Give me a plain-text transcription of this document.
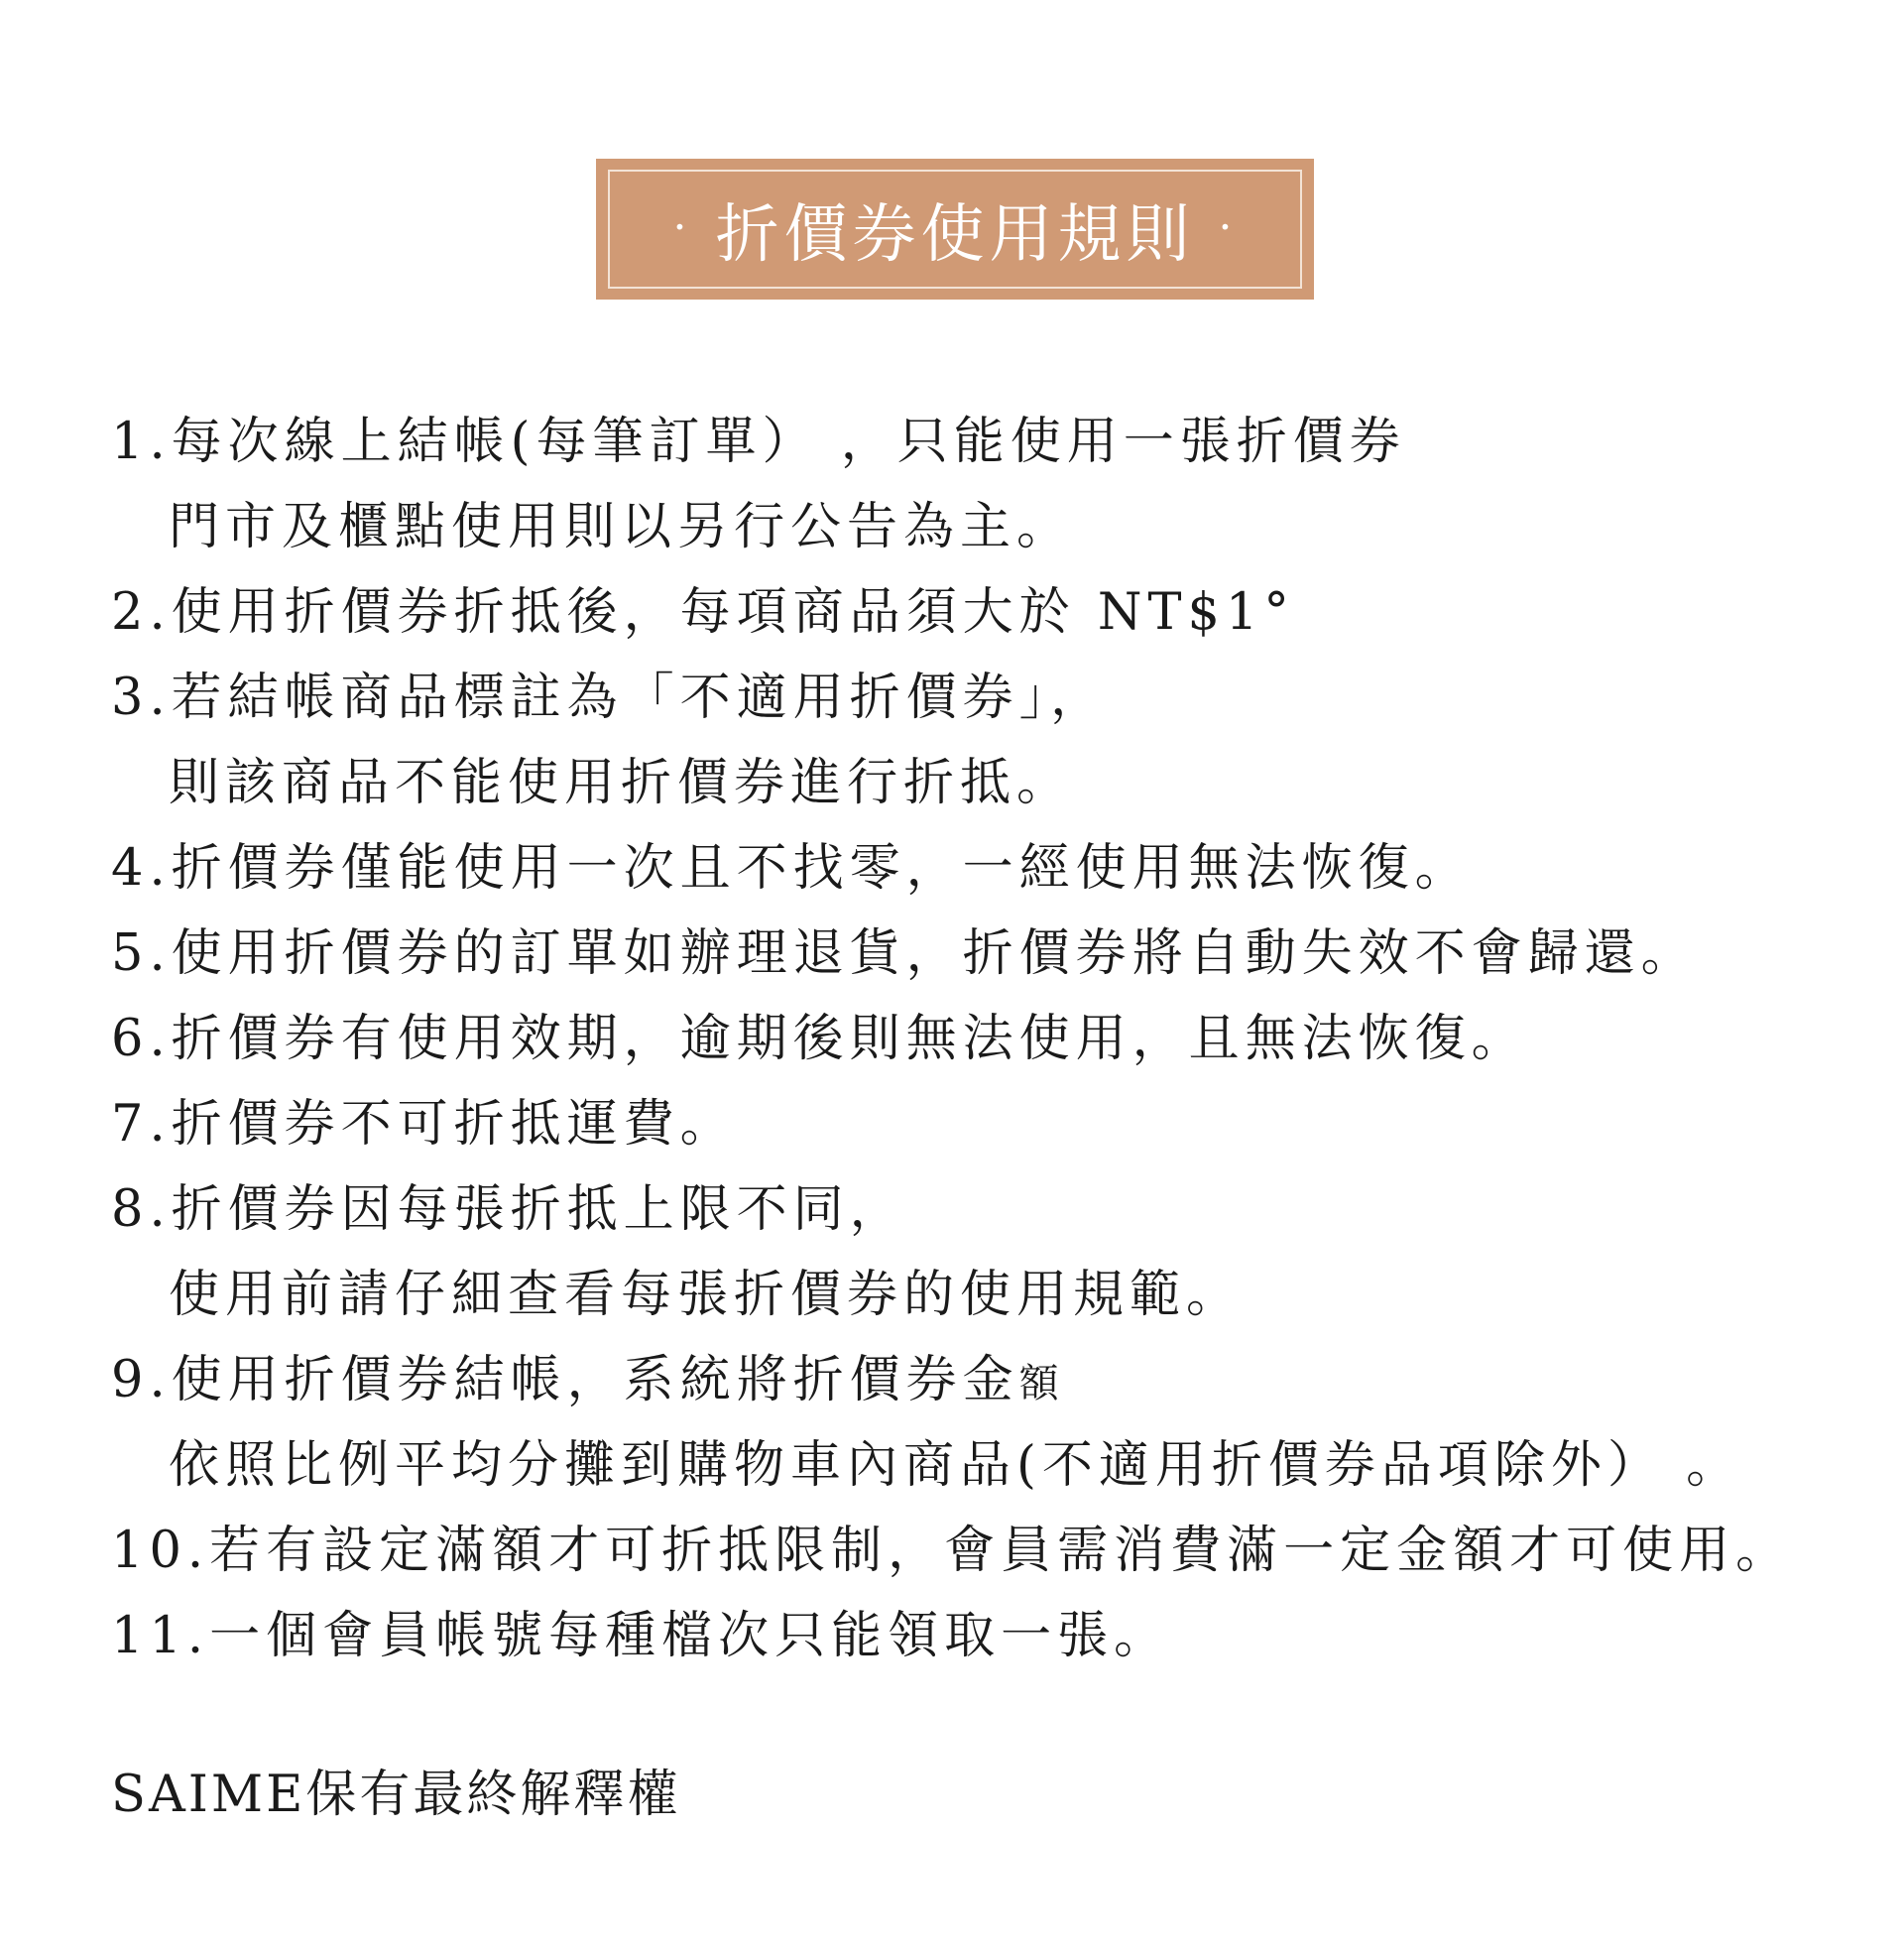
· 折價券使用規則 ·
1.每次線上結帳(每筆訂單） ，只能使用一張折價券
門市及櫃點使用則以另行公告為主。
2.使用折價券折抵後，每項商品須大於 NT$1°
3.若結帳商品標註為「不適用折價券」，
則該商品不能使用折價券進行折抵。
4.折價券僅能使用一次且不找零，一經使用無法恢復。
5.使用折價券的訂單如辦理退貨，折價券將自動失效不會歸還。
6.折價券有使用效期，逾期後則無法使用，且無法恢復。
7.折價券不可折抵運費。
8.折價券因每張折抵上限不同，
使用前請仔細查看每張折價券的使用規範。
9.使用折價券結帳，系統將折價券金額
依照比例平均分攤到購物車內商品(不適用折價券品項除外） 。
10.若有設定滿額才可折抵限制，會員需消費滿一定金額才可使用。
11.一個會員帳號每種檔次只能領取一張。
SAIME保有最終解釋權
